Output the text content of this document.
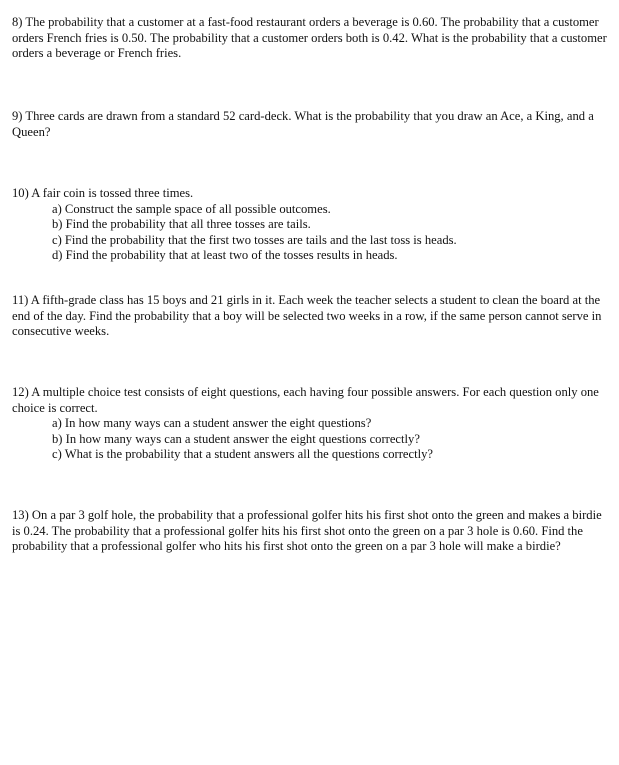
8) The probability that a customer at a fast-food restaurant orders a beverage is 0.60. The probability that a customer orders French fries is 0.50. The probability that a customer orders both is 0.42. What is the probability that a customer orders a beverage or French fries.

9) Three cards are drawn from a standard 52 card-deck. What is the probability that you draw an Ace, a King, and a Queen?

10) A fair coin is tossed three times.

a) Construct the sample space of all possible outcomes.
b) Find the probability that all three tosses are tails.
c) Find the probability that the first two tosses are tails and the last toss is heads.
d) Find the probability that at least two of the tosses results in heads.

11) A fifth-grade class has 15 boys and 21 girls in it. Each week the teacher selects a student to clean the board at the end of the day. Find the probability that a boy will be selected two weeks in a row, if the same person cannot serve in consecutive weeks.

12) A multiple choice test consists of eight questions, each having four possible answers. For each question only one choice is correct.

a) In how many ways can a student answer the eight questions?
b) In how many ways can a student answer the eight questions correctly?
c) What is the probability that a student answers all the questions correctly?

13) On a par 3 golf hole, the probability that a professional golfer hits his first shot onto the green and makes a birdie is 0.24. The probability that a professional golfer hits his first shot onto the green on a par 3 hole is 0.60. Find the probability that a professional golfer who hits his first shot onto the green on a par 3 hole will make a birdie?
